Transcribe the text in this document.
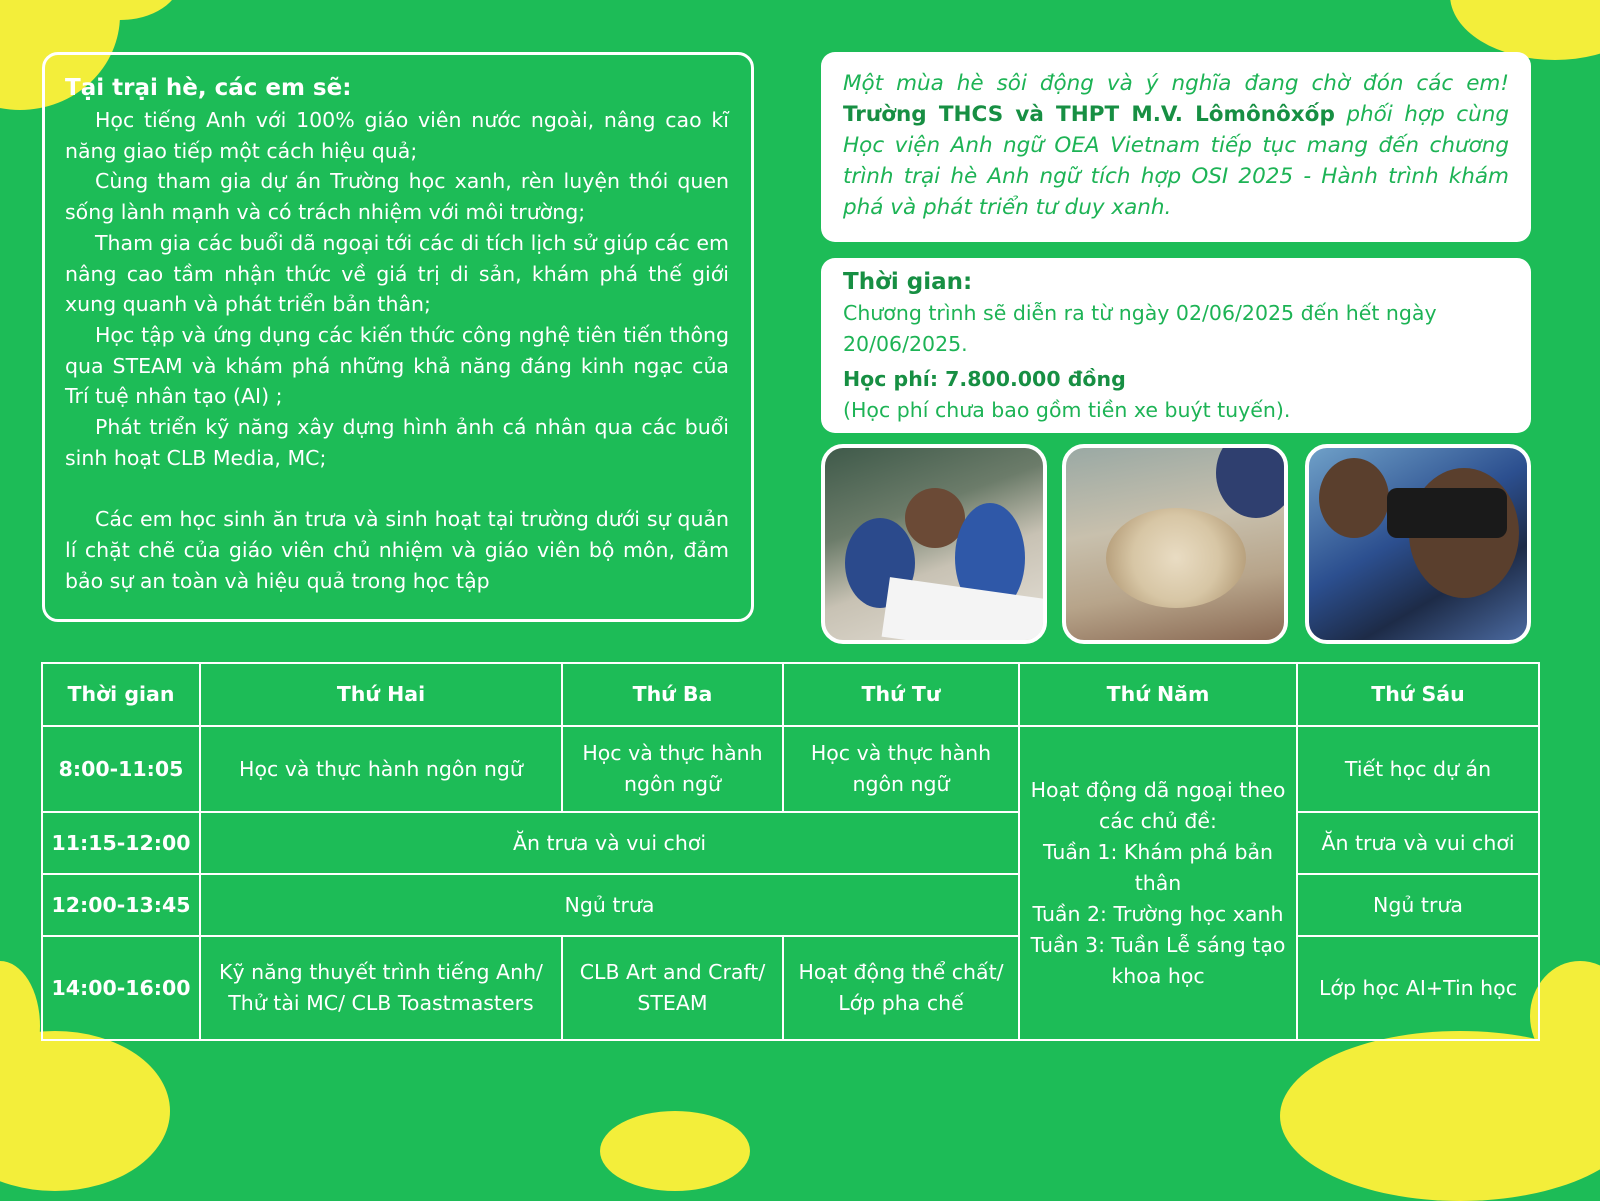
Tại trại hè, các em sẽ:

Học tiếng Anh với 100% giáo viên nước ngoài, nâng cao kĩ năng giao tiếp một cách hiệu quả;

Cùng tham gia dự án Trường học xanh, rèn luyện thói quen sống lành mạnh và có trách nhiệm với môi trường;

Tham gia các buổi dã ngoại tới các di tích lịch sử giúp các em nâng cao tầm nhận thức về giá trị di sản, khám phá thế giới xung quanh và phát triển bản thân;

Học tập và ứng dụng các kiến thức công nghệ tiên tiến thông qua STEAM và khám phá những khả năng đáng kinh ngạc của Trí tuệ nhân tạo (AI) ;

Phát triển kỹ năng xây dựng hình ảnh cá nhân qua các buổi sinh hoạt CLB Media, MC;

Các em học sinh ăn trưa và sinh hoạt tại trường dưới sự quản lí chặt chẽ của giáo viên chủ nhiệm và giáo viên bộ môn, đảm bảo sự an toàn và hiệu quả trong học tập

Một mùa hè sôi động và ý nghĩa đang chờ đón các em! Trường THCS và THPT M.V. Lômônôxốp phối hợp cùng Học viện Anh ngữ OEA Vietnam tiếp tục mang đến chương trình trại hè Anh ngữ tích hợp OSI 2025 - Hành trình khám phá và phát triển tư duy xanh.
Thời gian:
Chương trình sẽ diễn ra từ ngày 02/06/2025 đến hết ngày 20/06/2025.
Học phí: 7.800.000 đồng
(Học phí chưa bao gồm tiền xe buýt tuyến).
Thời gian	Thứ Hai	Thứ Ba	Thứ Tư	Thứ Năm	Thứ Sáu
8:00-11:05	Học và thực hành ngôn ngữ	Học và thực hành ngôn ngữ	Học và thực hành ngôn ngữ	Hoạt động dã ngoại theo các chủ đề:
Tuần 1: Khám phá bản thân
Tuần 2: Trường học xanh
Tuần 3: Tuần Lễ sáng tạo khoa học	Tiết học dự án
11:15-12:00	Ăn trưa và vui chơi				Ăn trưa và vui chơi
12:00-13:45	Ngủ trưa				Ngủ trưa
14:00-16:00	Kỹ năng thuyết trình tiếng Anh/ Thử tài MC/ CLB Toastmasters	CLB Art and Craft/ STEAM	Hoạt động thể chất/ Lớp pha chế		Lớp học AI+Tin học
